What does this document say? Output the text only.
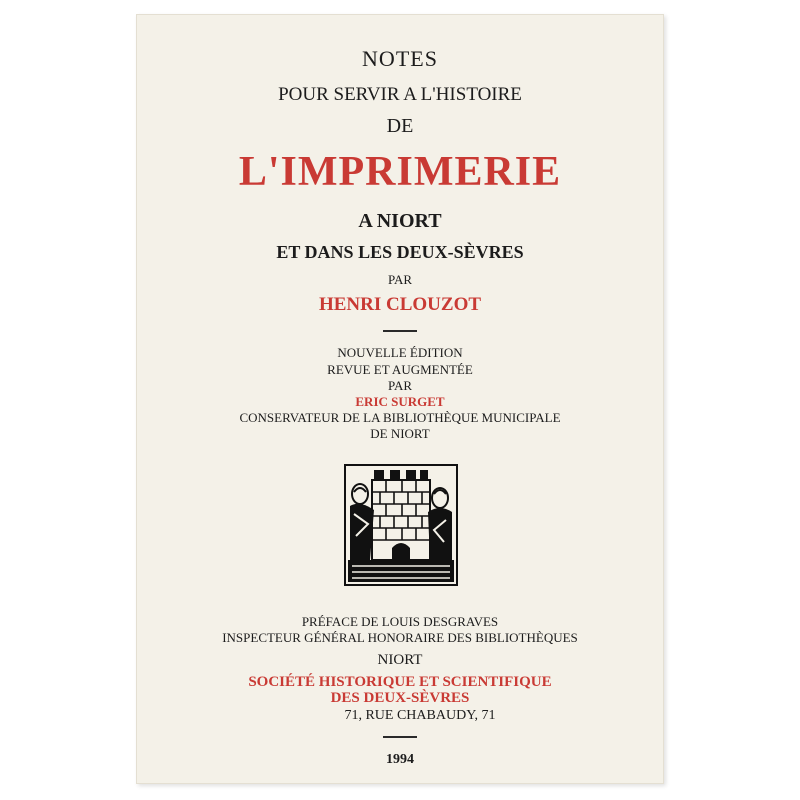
NOTES
POUR SERVIR A L'HISTOIRE
DE
L'IMPRIMERIE
A NIORT
ET DANS LES DEUX-SÈVRES
PAR
HENRI CLOUZOT
NOUVELLE ÉDITION
REVUE ET AUGMENTÉE
PAR
ERIC SURGET
CONSERVATEUR DE LA BIBLIOTHÈQUE MUNICIPALE
DE NIORT
PRÉFACE DE LOUIS DESGRAVES
INSPECTEUR GÉNÉRAL HONORAIRE DES BIBLIOTHÈQUES
NIORT
SOCIÉTÉ HISTORIQUE ET SCIENTIFIQUE
DES DEUX-SÈVRES
71, RUE CHABAUDY, 71
1994
